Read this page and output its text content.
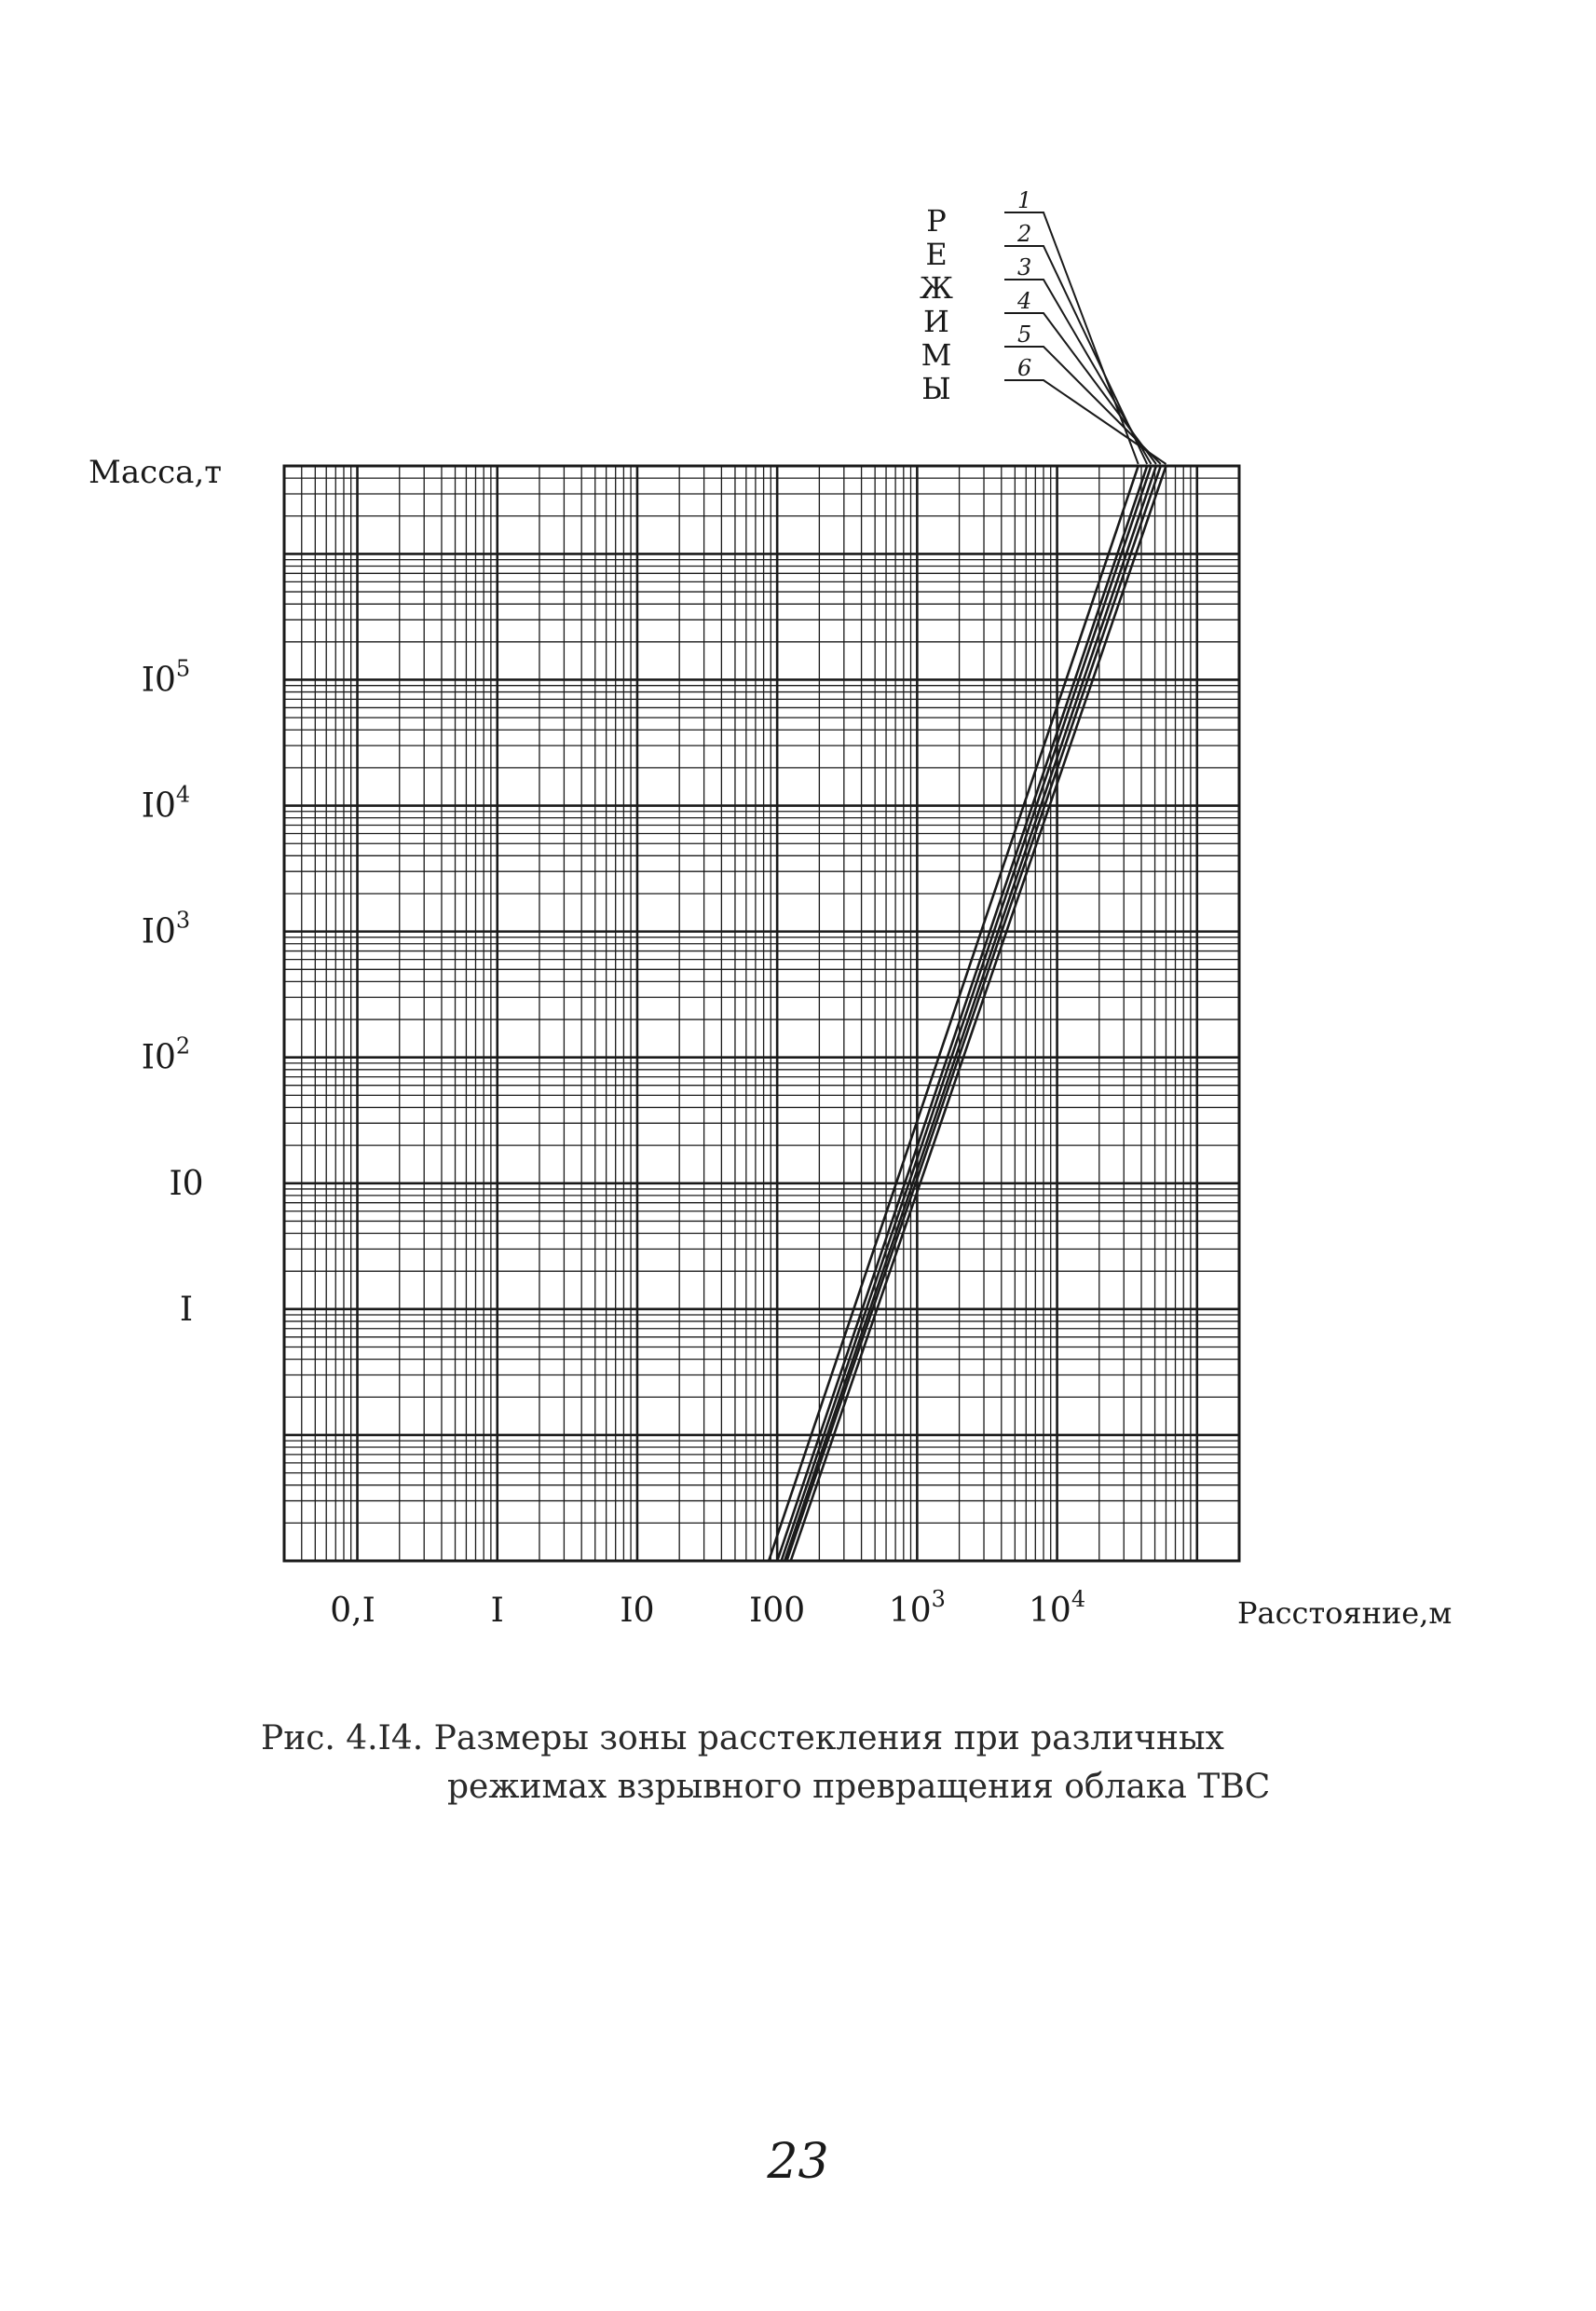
Р
Е
Ж
И
М
Ы
1
2
3
4
5
6
0,I	I	I0	I00 $10^3$ $10^4$
I
I0
$I0^2$
$I0^3$
$I0^4$
$I0^5$
Масса,т
Расстояние,м
Рис. 4.I4. Размеры зоны расстекления при различных
режимах взрывного превращения облака ТВС
23
